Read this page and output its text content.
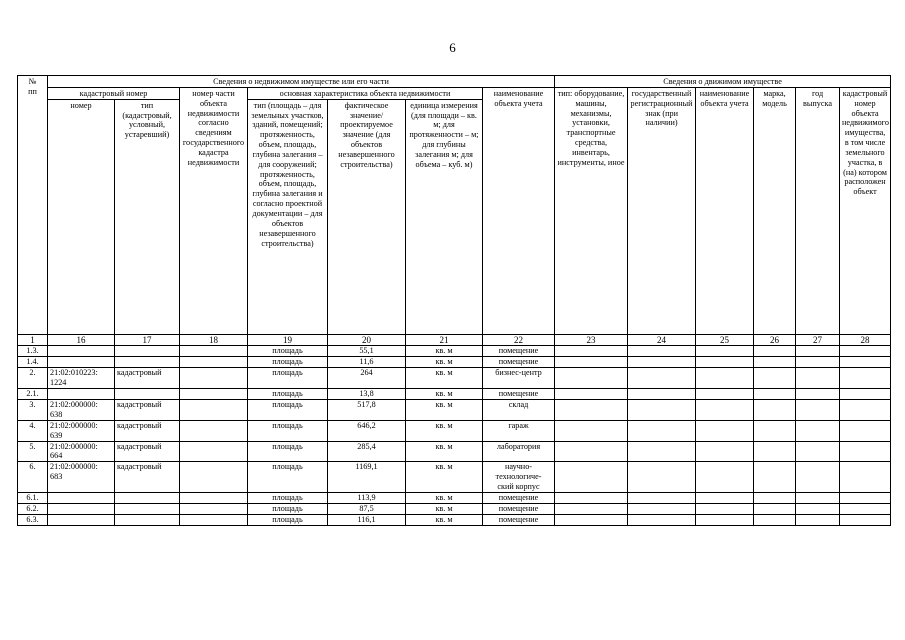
6
№
пп	Сведения о недвижимом имуществе или его части							Сведения о движимом имуществе					
	кадастровый номер		номер части объекта недвижимости согласно сведениям государственного кадастра недвижимости	основная характеристика объекта недвижимости			наименование объекта учета	тип: оборудование, машины, механизмы, установки, транспортные средства, инвентарь, инструменты, иное	государственный регистрационный знак (при наличии)	наименование объекта учета	марка, модель	год выпуска	кадастровый номер объекта недвижимого имущества, в том числе земельного участка, в (на) котором расположен объект
	номер	тип (кадастровый, условный, устаревший)		тип (площадь – для земельных участков, зданий, помещений; протяженность, объем, площадь, глубина залегания – для сооружений; протяженность, объем, площадь, глубина залегания и согласно проектной документации – для объектов незавершенного строительства)	фактическое значение/ проектируемое значение (для объектов незавершенного строительства)	единица измерения (для площади – кв. м; для протяженности – м; для глубины залегания м; для объема – куб. м)							
1	16	17	18	19	20	21	22	23	24	25	26	27	28
1.3.				площадь	55,1	кв. м	помещение						
1.4.				площадь	11,6	кв. м	помещение						
2.	21:02:010223:
1224	кадастровый		площадь	264	кв. м	бизнес-центр						
2.1.				площадь	13,8	кв. м	помещение						
3.	21:02:000000:
638	кадастровый		площадь	517,8	кв. м	склад						
4.	21:02:000000:
639	кадастровый		площадь	646,2	кв. м	гараж						
5.	21:02:000000:
664	кадастровый		площадь	285,4	кв. м	лаборатория						
6.	21:02:000000:
683	кадастровый		площадь	1169,1	кв. м	научно-
технологиче-
ский корпус						
6.1.				площадь	113,9	кв. м	помещение						
6.2.				площадь	87,5	кв. м	помещение						
6.3.				площадь	116,1	кв. м	помещение						
